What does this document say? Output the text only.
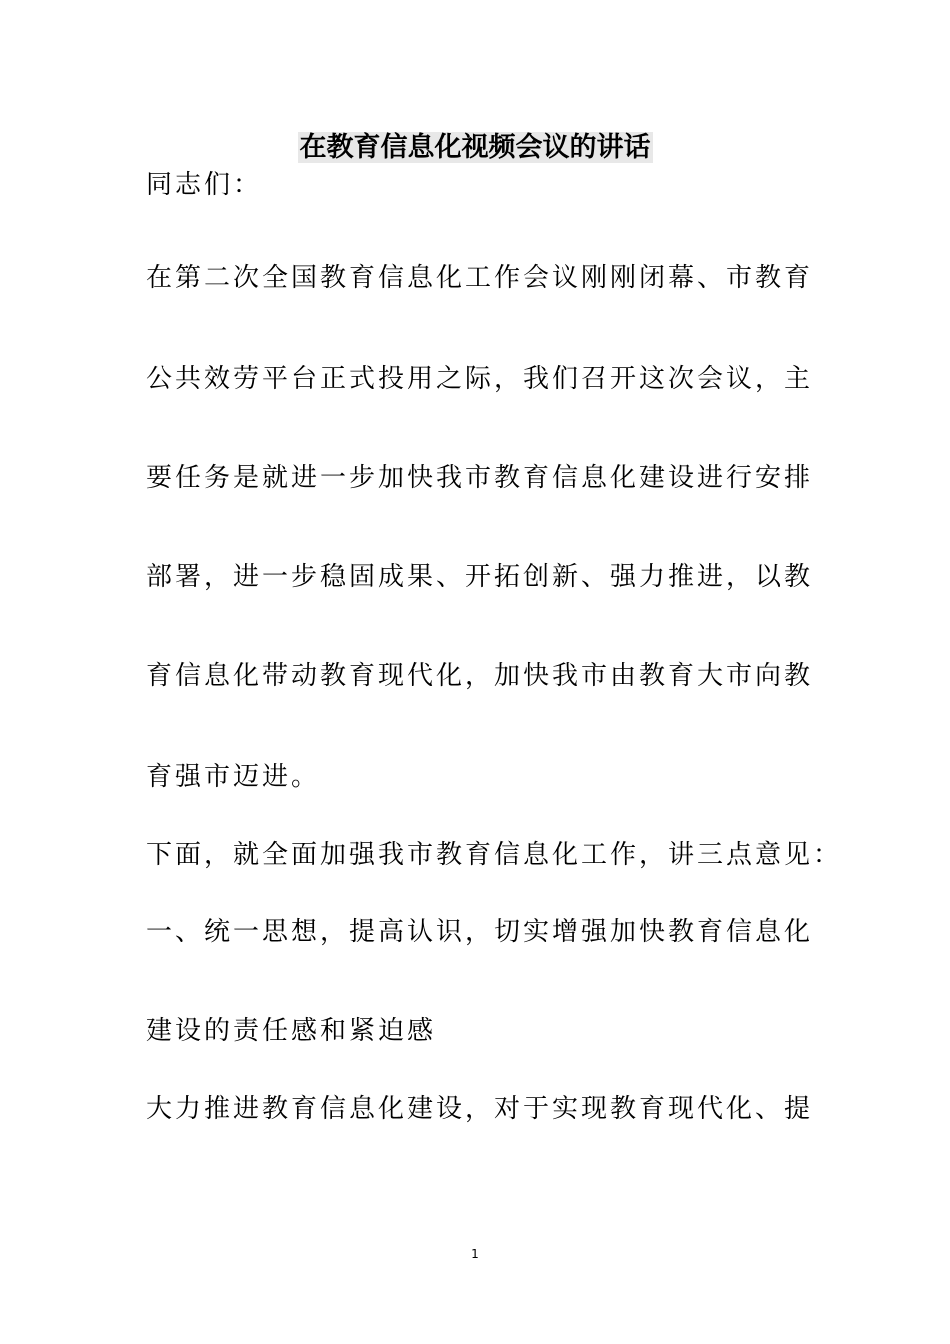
在教育信息化视频会议的讲话

同志们：

在第二次全国教育信息化工作会议刚刚闭幕、市教育

公共效劳平台正式投用之际，我们召开这次会议，主

要任务是就进一步加快我市教育信息化建设进行安排

部署，进一步稳固成果、开拓创新、强力推进，以教

育信息化带动教育现代化，加快我市由教育大市向教

育强市迈进。

下面，就全面加强我市教育信息化工作，讲三点意见：

一、统一思想，提高认识，切实增强加快教育信息化

建设的责任感和紧迫感

大力推进教育信息化建设，对于实现教育现代化、提

1
